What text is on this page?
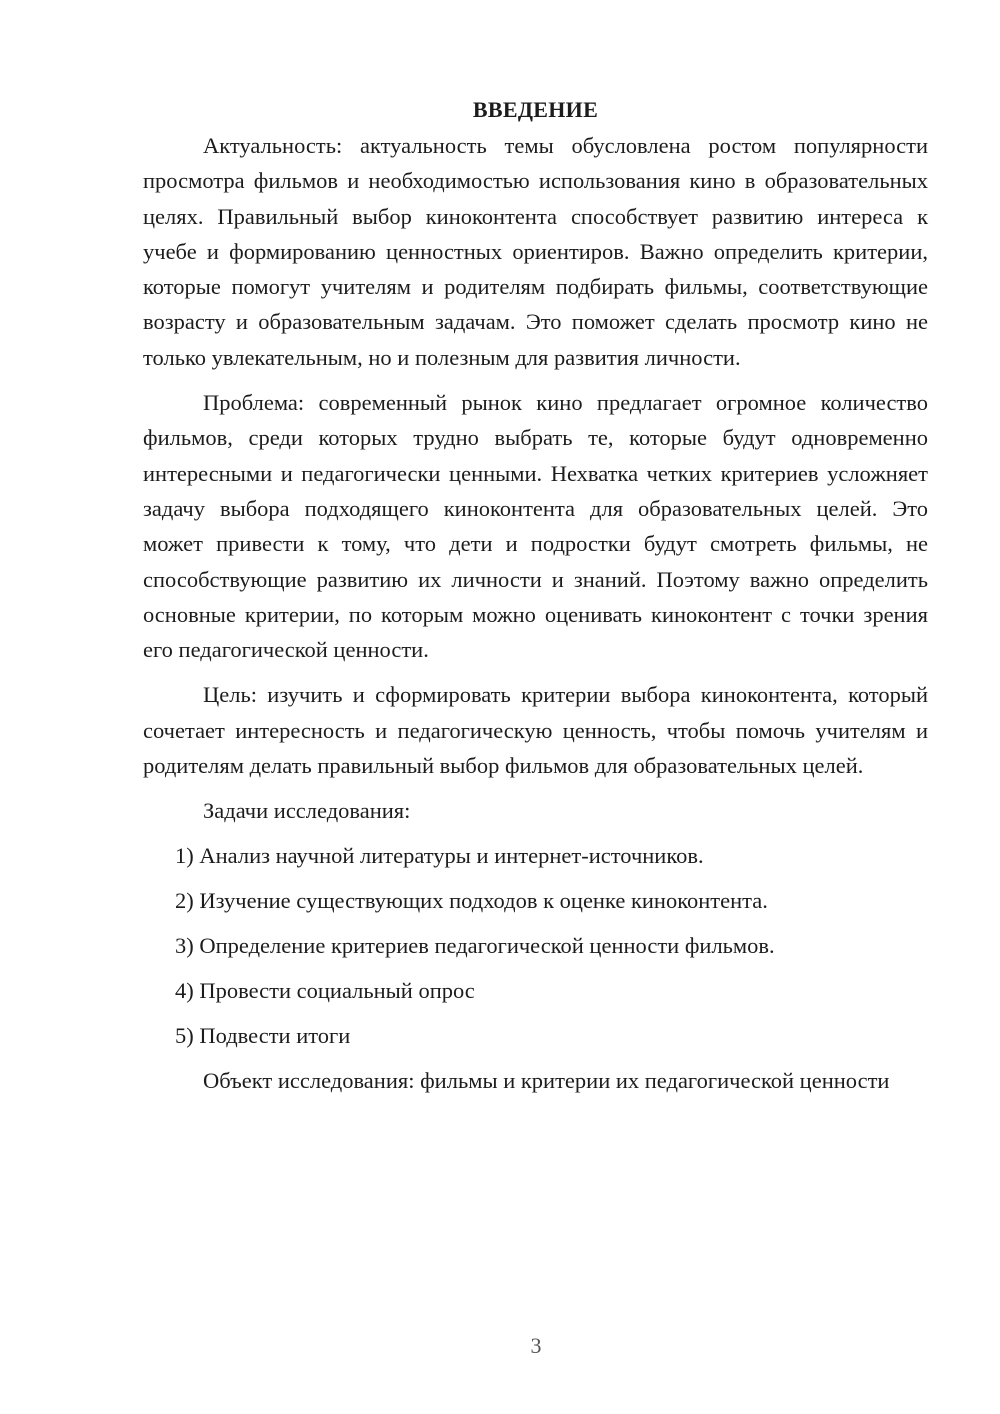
ВВЕДЕНИЕ

Актуальность: актуальность темы обусловлена ростом популярности просмотра фильмов и необходимостью использования кино в образовательных целях. Правильный выбор киноконтента способствует развитию интереса к учебе и формированию ценностных ориентиров. Важно определить критерии, которые помогут учителям и родителям подбирать фильмы, соответствующие возрасту и образовательным задачам. Это поможет сделать просмотр кино не только увлекательным, но и полезным для развития личности.

Проблема: современный рынок кино предлагает огромное количество фильмов, среди которых трудно выбрать те, которые будут одновременно интересными и педагогически ценными. Нехватка четких критериев усложняет задачу выбора подходящего киноконтента для образовательных целей. Это может привести к тому, что дети и подростки будут смотреть фильмы, не способствующие развитию их личности и знаний. Поэтому важно определить основные критерии, по которым можно оценивать киноконтент с точки зрения его педагогической ценности.

Цель: изучить и сформировать критерии выбора киноконтента, который сочетает интересность и педагогическую ценность, чтобы помочь учителям и родителям делать правильный выбор фильмов для образовательных целей.

Задачи исследования:
1) Анализ научной литературы и интернет-источников.
2) Изучение существующих подходов к оценке киноконтента.
3) Определение критериев педагогической ценности фильмов.
4) Провести социальный опрос
5) Подвести итоги

Объект исследования: фильмы и критерии их педагогической ценности

3
